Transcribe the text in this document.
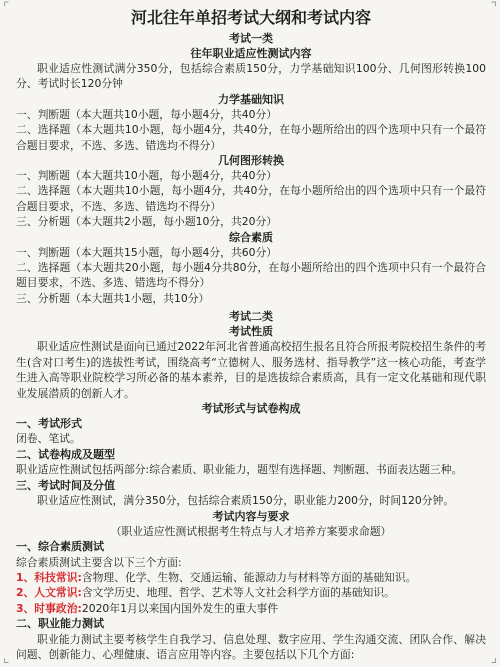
⌜	⌝
⌞	⌟
河北往年单招考试大纲和考试内容
考试一类
往年职业适应性测试内容
职业适应性测试满分350分，包括综合素质150分，力学基础知识100分、几何图形转换100分、考试时长120分钟
力学基础知识
一、判断题（本大题共10小题，每小题4分，共40分）
二、选择题（本大题共10小题，每小题4分，共40分，在每小题所给出的四个选项中只有一个最符合题目要求，不选、多选、错选均不得分）
几何图形转换
一、判断题（本大题共10小题，每小题4分，共40分）
二、选择题（本大题共10小题，每小题4分，共40分，在每小题所给出的四个选项中只有一个最符合题目要求，不选、多选、错选均不得分）
三、分析题（本大题共2小题，每小题10分，共20分）
综合素质
一、判断题（本大题共15小题，每小题4分，共60分）
二、选择题（本大题共20小题，每小题4分共80分，在每小题所给出的四个选项中只有一个最符合题目要求，不选、多选、错选均不得分）
三、分析题（本大题共1小题，共10分）
考试二类
考试性质
职业适应性测试是面向已通过2022年河北省普通高校招生报名且符合所报考院校招生条件的考生(含对口考生)的选拔性考试，围绕高考“立德树人、服务选材、指导教学”这一核心功能，考查学生进入高等职业院校学习所必备的基本素养，目的是选拔综合素质高，具有一定文化基础和现代职业发展潜质的创新人才。
考试形式与试卷构成
一、考试形式
闭卷、笔试。
二、试卷构成及题型
职业适应性测试包括两部分:综合素质、职业能力，题型有选择题、判断题、书面表达题三种。
三、考试时间及分值
职业适应性测试，满分350分，包括综合素质150分，职业能力200分，时间120分钟。
考试内容与要求
（职业适应性测试根据考生特点与人才培养方案要求命题）
一、综合素质测试
综合素质测试主要含以下三个方面:
1、科技常识:含物理、化学、生物、交通运输、能源动力与材料等方面的基础知识。
2、人文常识:含文学历史、地理、哲学、艺术等人文社会科学方面的基础知识。
3、时事政治:2020年1月以来国内国外发生的重大事件
二、职业能力测试
职业能力测试主要考核学生自我学习、信息处理、数字应用、学生沟通交流、团队合作、解决问题、创新能力、心理健康、语言应用等内容。主要包括以下几个方面:
